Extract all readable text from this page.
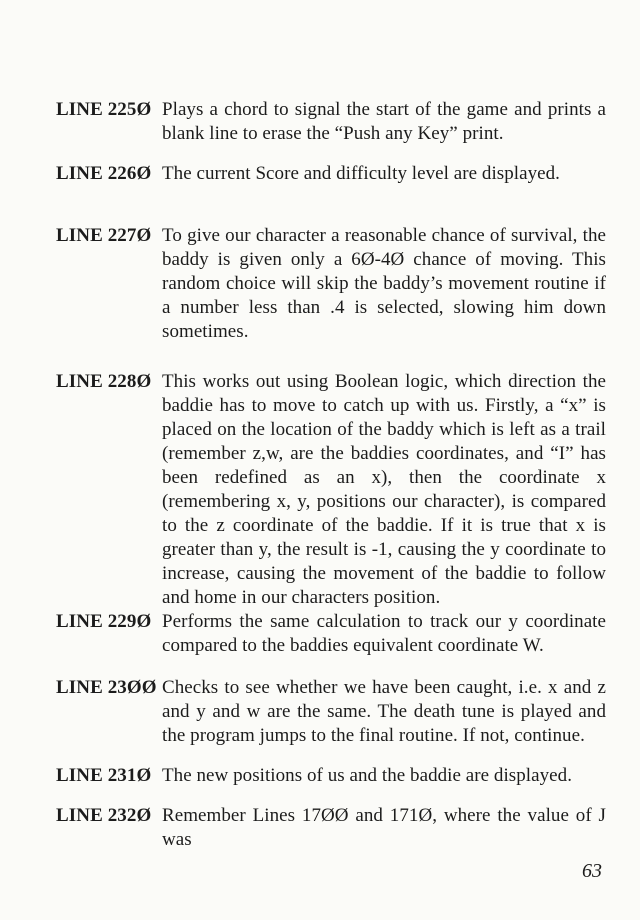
LINE 225Ø Plays a chord to signal the start of the game and prints a blank line to erase the “Push any Key” print.
LINE 226Ø The current Score and difficulty level are displayed.
LINE 227Ø To give our character a reasonable chance of survival, the baddy is given only a 6Ø-4Ø chance of moving. This random choice will skip the baddy’s movement routine if a number less than .4 is selected, slowing him down sometimes.
LINE 228Ø This works out using Boolean logic, which direction the baddie has to move to catch up with us. Firstly, a “x” is placed on the location of the baddy which is left as a trail (remember z,w, are the baddies coordinates, and “I” has been redefined as an x), then the coordinate x (remembering x, y, positions our character), is compared to the z coordinate of the baddie. If it is true that x is greater than y, the result is -1, causing the y coordinate to increase, causing the movement of the baddie to follow and home in our characters position.
LINE 229Ø Performs the same calculation to track our y coordinate compared to the baddies equivalent coordinate W.
LINE 23ØØ Checks to see whether we have been caught, i.e. x and z and y and w are the same. The death tune is played and the program jumps to the final routine. If not, continue.
LINE 231Ø The new positions of us and the baddie are displayed.
LINE 232Ø Remember Lines 17ØØ and 171Ø, where the value of J was
63
